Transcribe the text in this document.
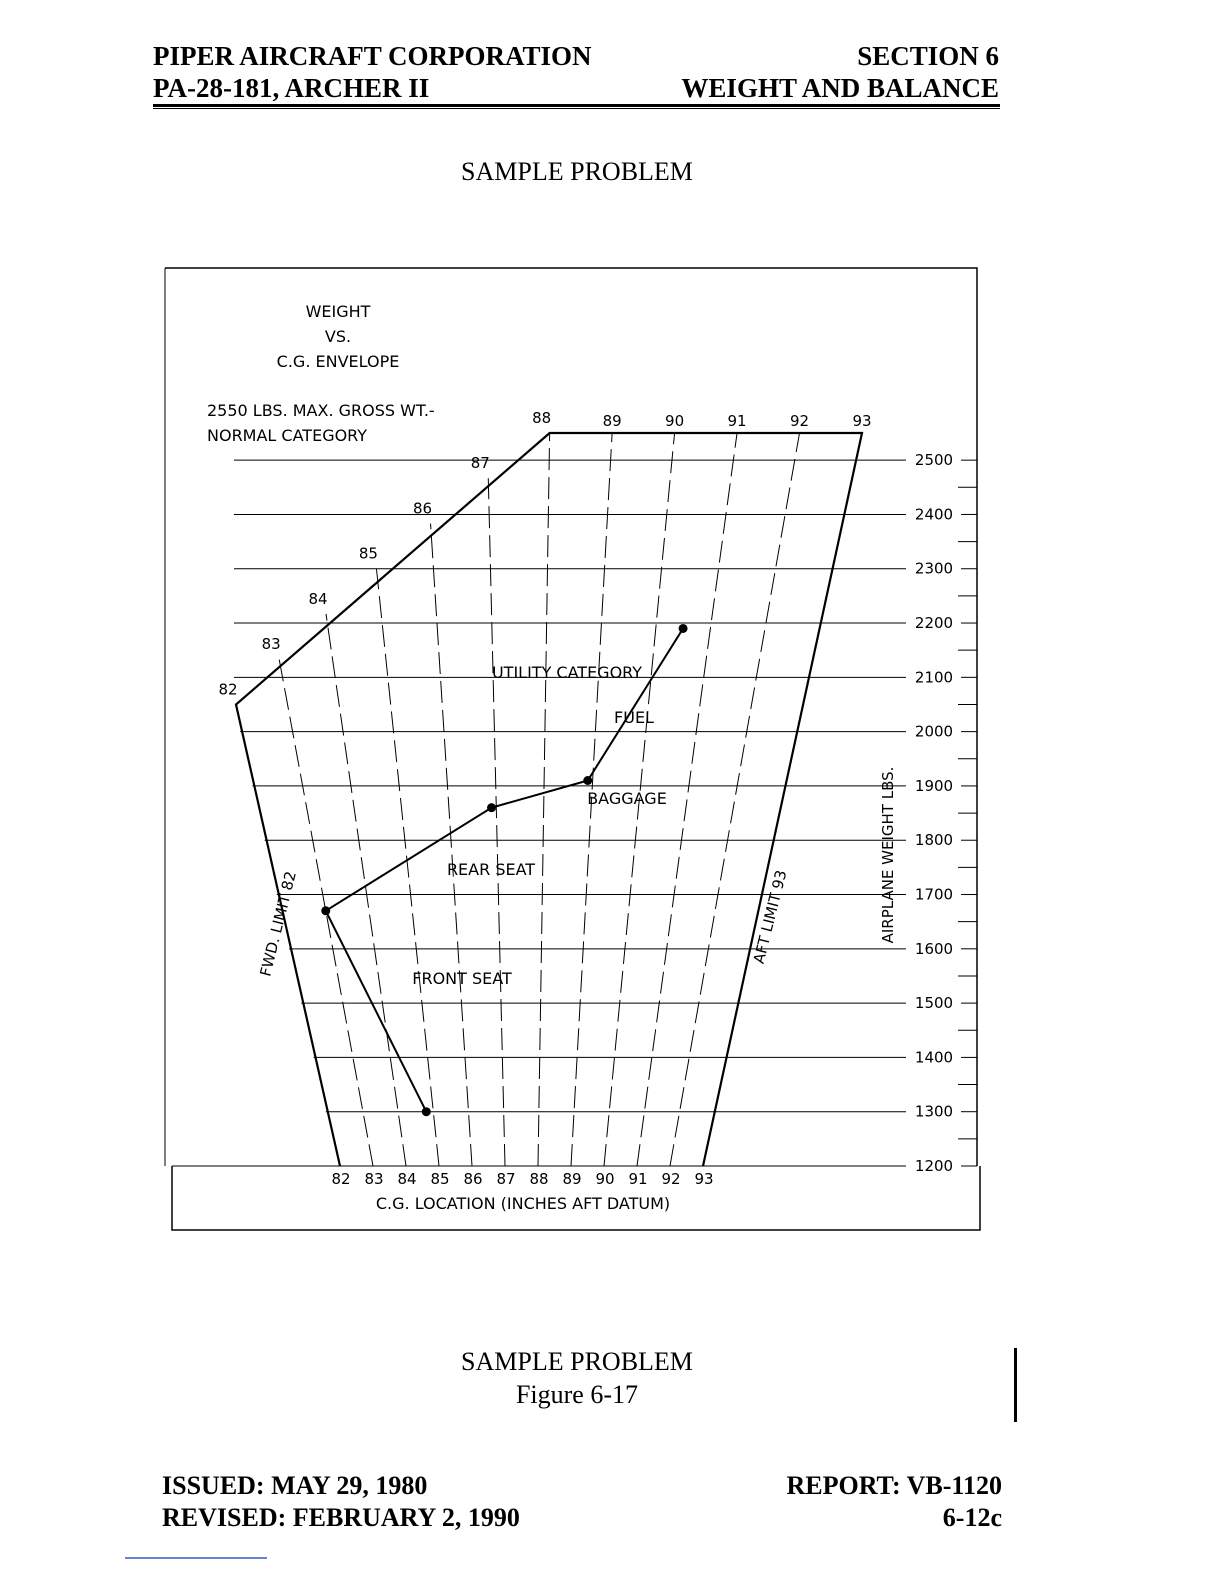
PIPER AIRCRAFT CORPORATION
PA-28-181, ARCHER II
SECTION 6
WEIGHT AND BALANCE
SAMPLE PROBLEM
2500
2400
2300
2200
2100
2000
1900
1800
1700
1600
1500
1400
1300
1200
82 83 84 85 86 87 88 89 90 91 92 93
89	90	91	92	93
82
83
84
85
86
87
88
WEIGHT
VS.
C.G. ENVELOPE
2550 LBS. MAX. GROSS WT.-
NORMAL CATEGORY
C.G. LOCATION (INCHES AFT DATUM)
AIRPLANE WEIGHT LBS.
FWD. LIMIT 82	AFT LIMIT 93
UTILITY CATEGORY
FRONT SEAT
REAR SEAT
BAGGAGE
FUEL
SAMPLE PROBLEM
Figure 6-17
ISSUED: MAY 29, 1980
REVISED: FEBRUARY 2, 1990
REPORT: VB-1120
6-12c
